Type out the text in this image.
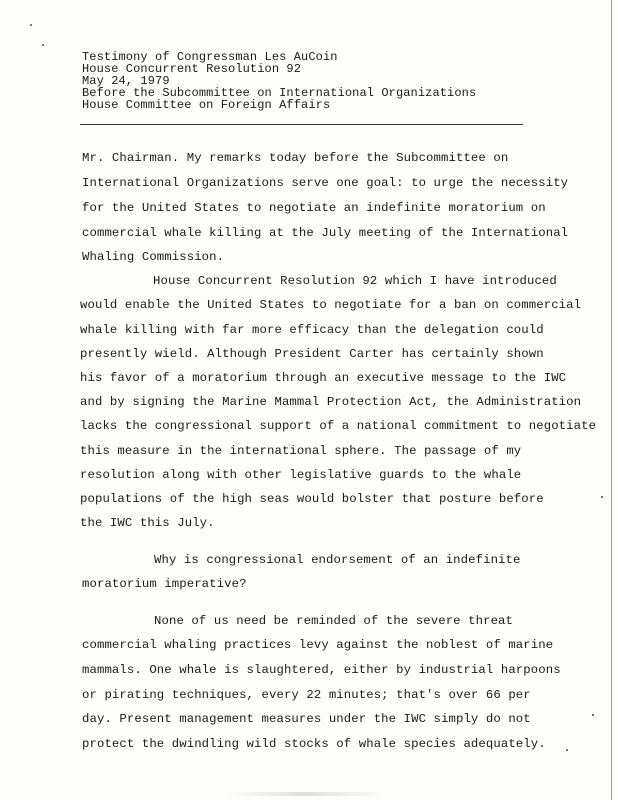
Testimony of Congressman Les AuCoin
House Concurrent Resolution 92
May 24, 1979
Before the Subcommittee on International Organizations
House Committee on Foreign Affairs
Mr. Chairman. My remarks today before the Subcommittee on
International Organizations serve one goal: to urge the necessity
for the United States to negotiate an indefinite moratorium on
commercial whale killing at the July meeting of the International
Whaling Commission.
House Concurrent Resolution 92 which I have introduced
would enable the United States to negotiate for a ban on commercial
whale killing with far more efficacy than the delegation could
presently wield. Although President Carter has certainly shown
his favor of a moratorium through an executive message to the IWC
and by signing the Marine Mammal Protection Act, the Administration
lacks the congressional support of a national commitment to negotiate
this measure in the international sphere. The passage of my
resolution along with other legislative guards to the whale
populations of the high seas would bolster that posture before
the IWC this July.
Why is congressional endorsement of an indefinite
moratorium imperative?
None of us need be reminded of the severe threat
commercial whaling practices levy against the noblest of marine
mammals. One whale is slaughtered, either by industrial harpoons
or pirating techniques, every 22 minutes; that's over 66 per
day. Present management measures under the IWC simply do not
protect the dwindling wild stocks of whale species adequately.
